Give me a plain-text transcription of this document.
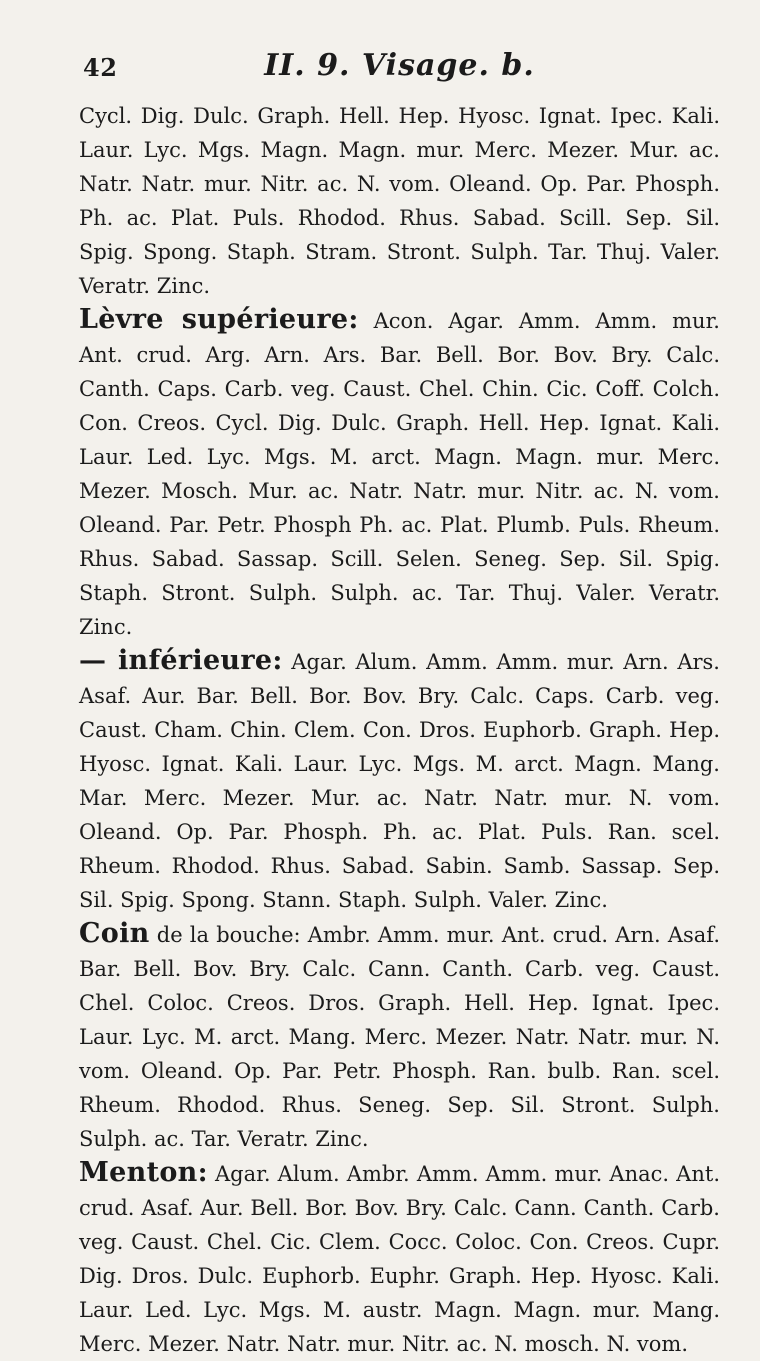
42	II. 9. Visage. b.

Cycl. Dig. Dulc. Graph. Hell. Hep. Hyosc. Ignat. Ipec. Kali. Laur. Lyc. Mgs. Magn. Magn. mur. Merc. Mezer. Mur. ac. Natr. Natr. mur. Nitr. ac. N. vom. Oleand. Op. Par. Phosph. Ph. ac. Plat. Puls. Rhodod. Rhus. Sabad. Scill. Sep. Sil. Spig. Spong. Staph. Stram. Stront. Sulph. Tar. Thuj. Valer. Veratr. Zinc.

Lèvre supérieure: Acon. Agar. Amm. Amm. mur. Ant. crud. Arg. Arn. Ars. Bar. Bell. Bor. Bov. Bry. Calc. Canth. Caps. Carb. veg. Caust. Chel. Chin. Cic. Coff. Colch. Con. Creos. Cycl. Dig. Dulc. Graph. Hell. Hep. Ignat. Kali. Laur. Led. Lyc. Mgs. M. arct. Magn. Magn. mur. Merc. Mezer. Mosch. Mur. ac. Natr. Natr. mur. Nitr. ac. N. vom. Oleand. Par. Petr. Phosph Ph. ac. Plat. Plumb. Puls. Rheum. Rhus. Sabad. Sassap. Scill. Selen. Seneg. Sep. Sil. Spig. Staph. Stront. Sulph. Sulph. ac. Tar. Thuj. Valer. Veratr. Zinc.

— inférieure: Agar. Alum. Amm. Amm. mur. Arn. Ars. Asaf. Aur. Bar. Bell. Bor. Bov. Bry. Calc. Caps. Carb. veg. Caust. Cham. Chin. Clem. Con. Dros. Euphorb. Graph. Hep. Hyosc. Ignat. Kali. Laur. Lyc. Mgs. M. arct. Magn. Mang. Mar. Merc. Mezer. Mur. ac. Natr. Natr. mur. N. vom. Oleand. Op. Par. Phosph. Ph. ac. Plat. Puls. Ran. scel. Rheum. Rhodod. Rhus. Sabad. Sabin. Samb. Sassap. Sep. Sil. Spig. Spong. Stann. Staph. Sulph. Valer. Zinc.

Coin de la bouche: Ambr. Amm. mur. Ant. crud. Arn. Asaf. Bar. Bell. Bov. Bry. Calc. Cann. Canth. Carb. veg. Caust. Chel. Coloc. Creos. Dros. Graph. Hell. Hep. Ignat. Ipec. Laur. Lyc. M. arct. Mang. Merc. Mezer. Natr. Natr. mur. N. vom. Oleand. Op. Par. Petr. Phosph. Ran. bulb. Ran. scel. Rheum. Rhodod. Rhus. Seneg. Sep. Sil. Stront. Sulph. Sulph. ac. Tar. Veratr. Zinc.

Menton: Agar. Alum. Ambr. Amm. Amm. mur. Anac. Ant. crud. Asaf. Aur. Bell. Bor. Bov. Bry. Calc. Cann. Canth. Carb. veg. Caust. Chel. Cic. Clem. Cocc. Coloc. Con. Creos. Cupr. Dig. Dros. Dulc. Euphorb. Euphr. Graph. Hep. Hyosc. Kali. Laur. Led. Lyc. Mgs. M. austr. Magn. Magn. mur. Mang. Merc. Mezer. Natr. Natr. mur. Nitr. ac. N. mosch. N. vom.
